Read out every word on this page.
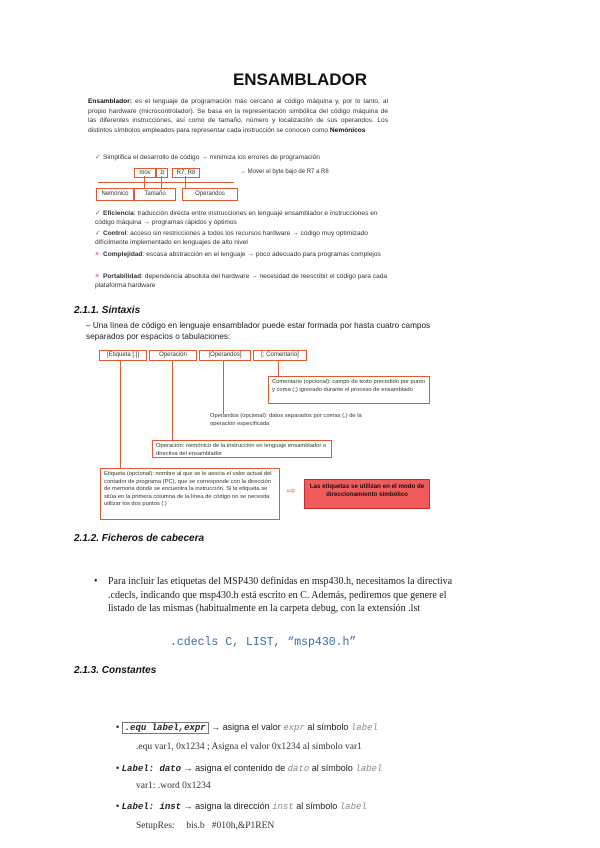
ENSAMBLADOR
Ensamblador: es el lenguaje de programación más cercano al código máquina y, por lo tanto, al propio hardware (microcontrolador). Se basa en la representación simbólica del código máquina de las diferentes instrucciones, así como de tamaño, número y localización de sus operandos. Los distintos símbolos empleados para representar cada instrucción se conocen como Nemónicos
✓ Simplifica el desarrollo de código → minimiza los errores de programación
mov	.b	R7, R8	→ Mover el byte bajo de R7 a R8
Nemónico	Tamaño	Operandos
✓ Eficiencia: traducción directa entre instrucciones en lenguaje ensamblador e instrucciones en código máquina → programas rápidos y óptimos
✓ Control: acceso sin restricciones a todos los recursos hardware → código muy optimizado difícilmente implementado en lenguajes de alto nivel
× Complejidad: escasa abstracción en el lenguaje → poco adecuado para programas complejos
× Portabilidad: dependencia absoluta del hardware → necesidad de reescribir el código para cada plataforma hardware
2.1.1. Sintaxis
– Una línea de código en lenguaje ensamblador puede estar formada por hasta cuatro campos separados por espacios o tabulaciones:
[Etiqueta [:]]	Operación	[Operandos]	[; Comentario]
Comentario (opcional): campo de texto precedido por punto y coma (;) ignorado durante el proceso de ensamblado
Operandos (opcional): datos separados por comas (,) de la operación especificada
Operación: nemónico de la instrucción en lenguaje ensamblador o directiva del ensamblador
Etiqueta (opcional): nombre al que se le asocia el valor actual del contador de programa (PC), que se corresponde con la dirección de memoria donde se encuentra la instrucción. Si la etiqueta se sitúa en la primera columna de la línea de código no se necesita utilizar los dos puntos (:)
⇨	Las etiquetas se utilizan en el modo de direccionamiento simbólico
2.1.2. Ficheros de cabecera
• Para incluir las etiquetas del MSP430 definidas en msp430.h, necesitamos la directiva .cdecls, indicando que msp430.h está escrito en C. Además, pediremos que genere el listado de las mismas (habitualmente en la carpeta debug, con la extensión .lst
.cdecls C, LIST, “msp430.h”
2.1.3. Constantes
• .equ label,expr → asigna el valor expr al símbolo label
.equ var1, 0x1234 ; Asigna el valor 0x1234 al símbolo var1
• Label: dato → asigna el contenido de dato al símbolo label
var1: .word 0x1234
• Label: inst → asigna la dirección inst al símbolo label
SetupRes:     bis.b   #010h,&P1REN
